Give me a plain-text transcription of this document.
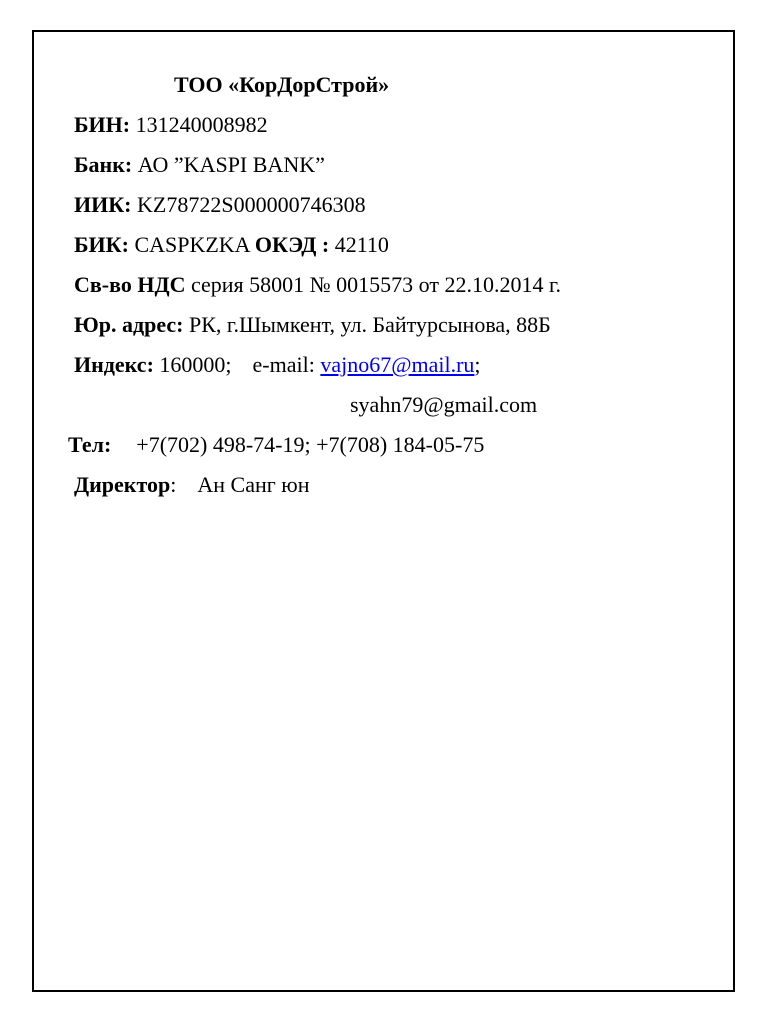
ТОО «КорДорСтрой»
БИН: 131240008982
Банк: АО ”KASPI BANK”
ИИК: KZ78722S000000746308
БИК: CASPKZKA ОКЭД : 42110
Св-во НДС серия 58001 № 0015573 от 22.10.2014 г.
Юр. адрес: РК, г.Шымкент, ул. Байтурсынова, 88Б
Индекс: 160000; e-mail: vajno67@mail.ru;
syahn79@gmail.com
Тел: +7(702) 498-74-19; +7(708) 184-05-75
Директор: Ан Санг юн
